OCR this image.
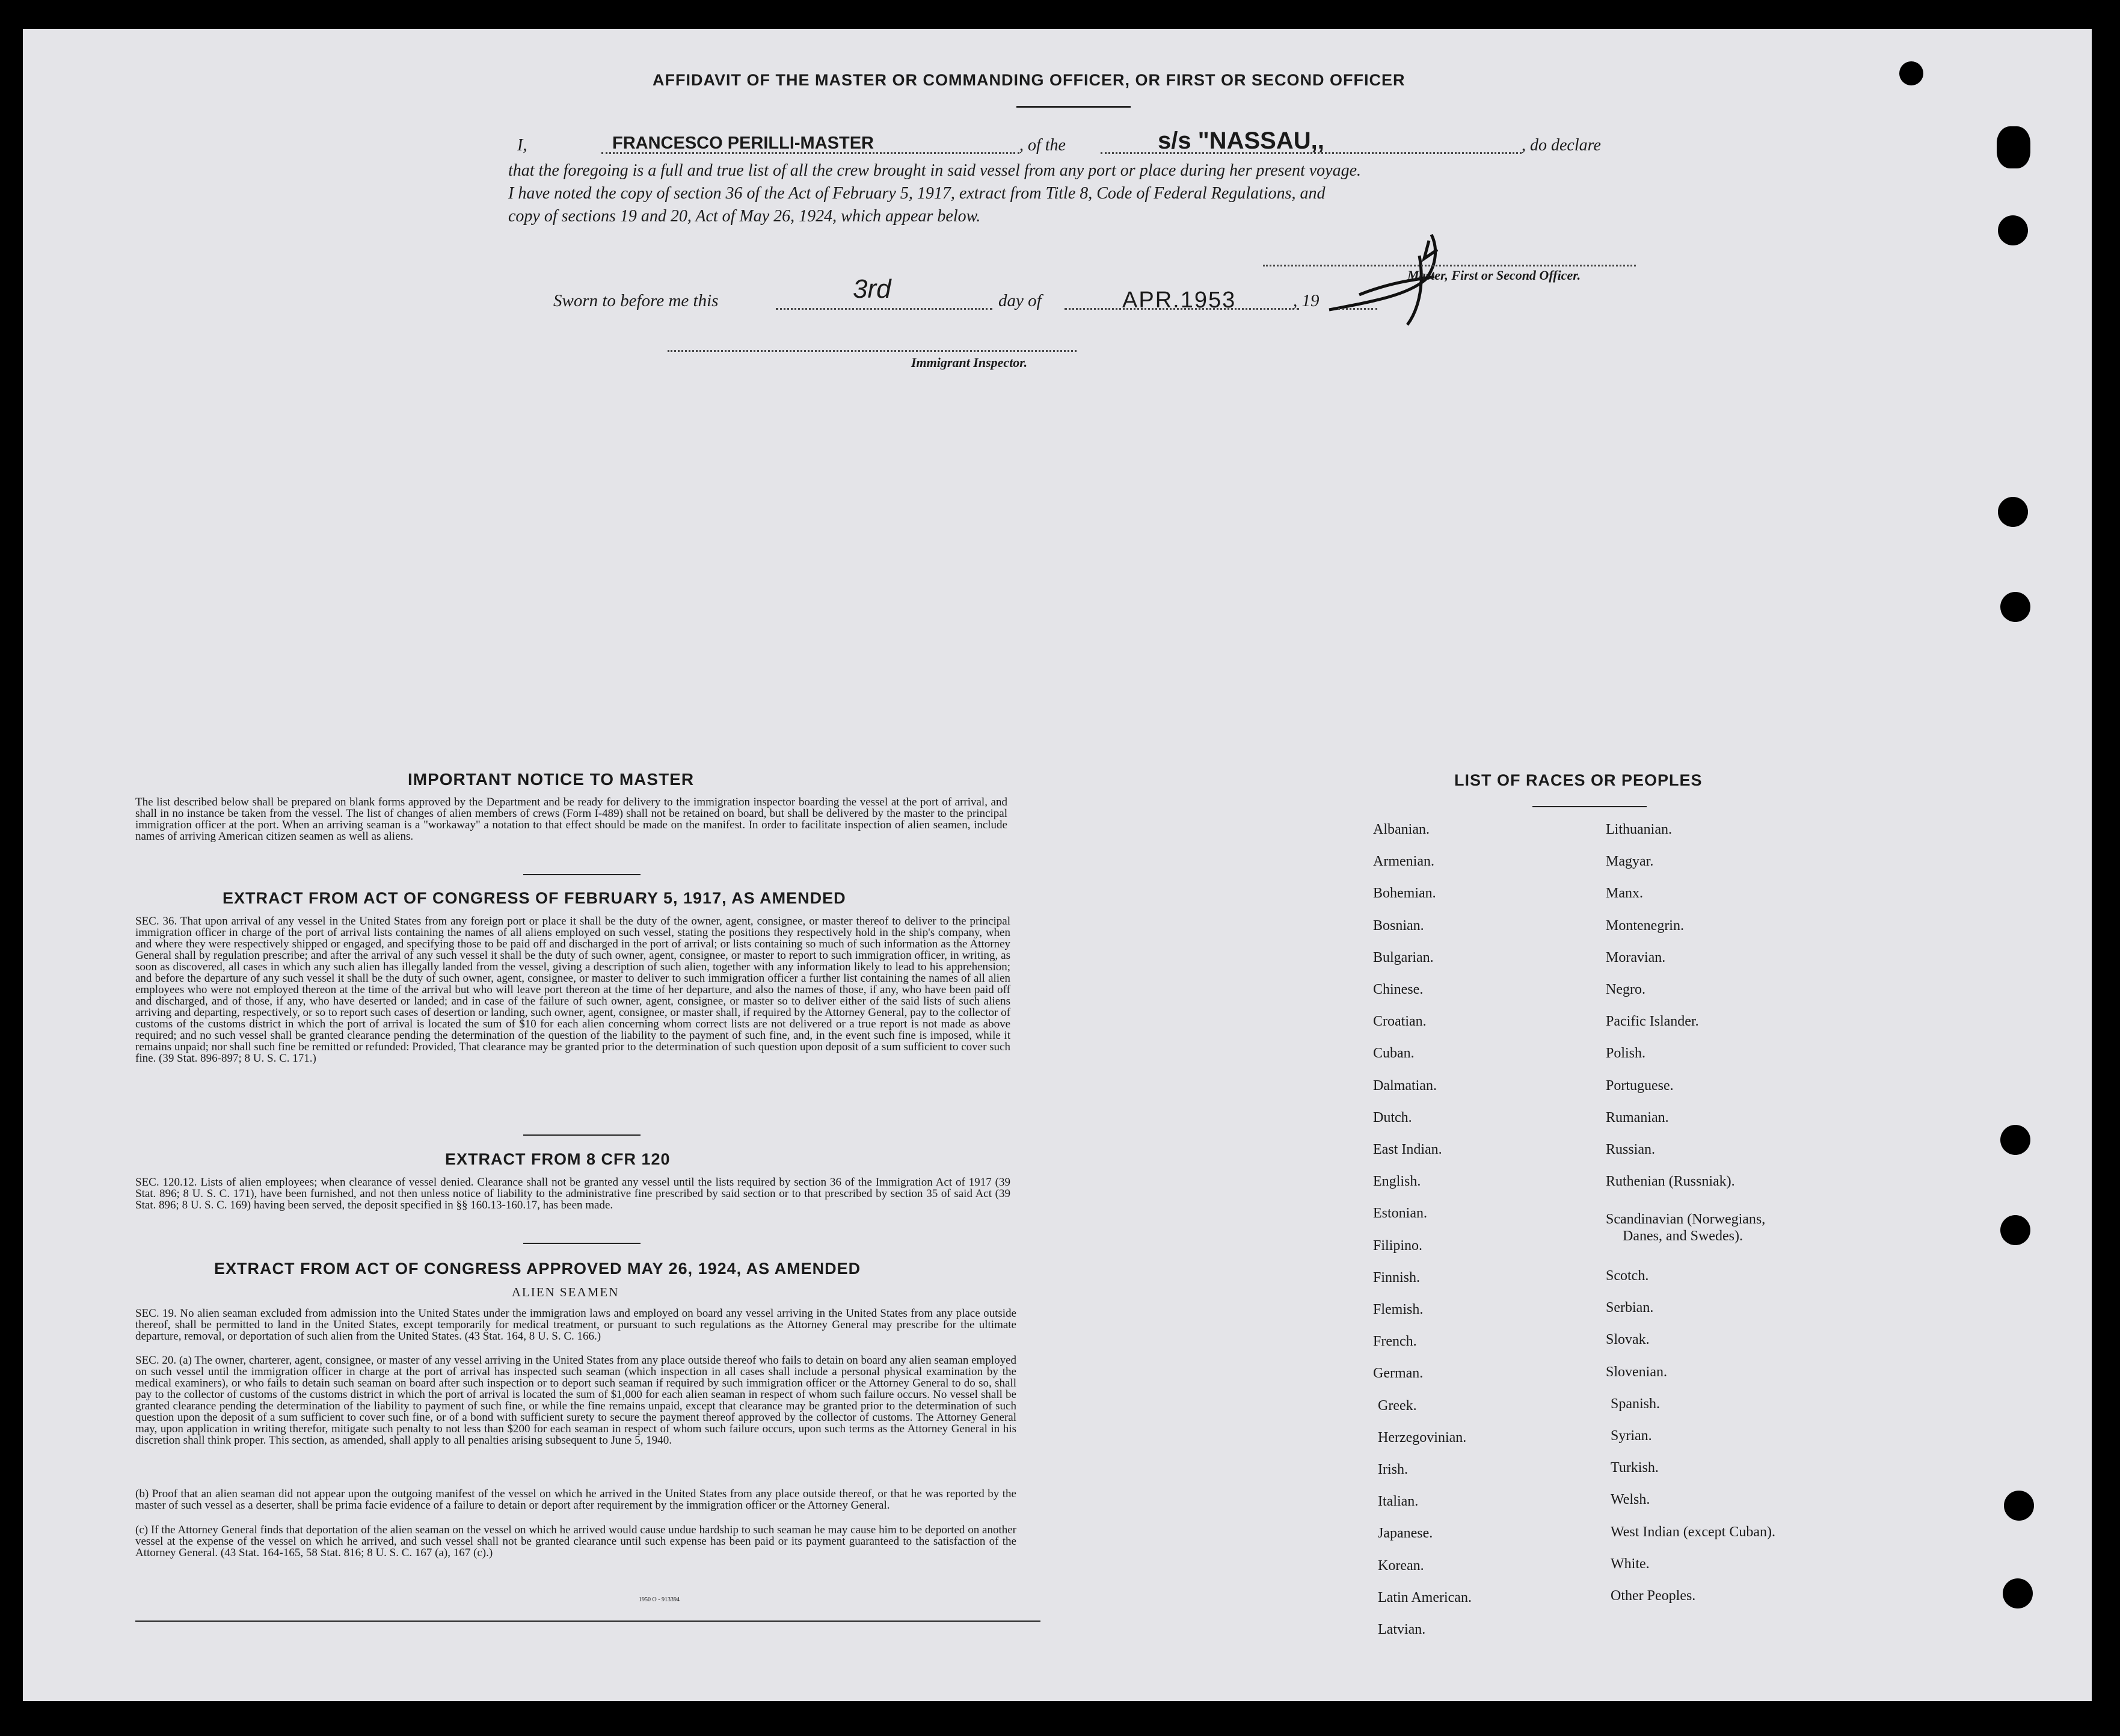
AFFIDAVIT OF THE MASTER OR COMMANDING OFFICER, OR FIRST OR SECOND OFFICER
I,	FRANCESCO PERILLI-MASTER	, of the	s/s "NASSAU,,	, do declare
that the foregoing is a full and true list of all the crew brought in said vessel from any port or place during her present voyage.
I have noted the copy of section 36 of the Act of February 5, 1917, extract from Title 8, Code of Federal Regulations, and
copy of sections 19 and 20, Act of May 26, 1924, which appear below.
Master, First or Second Officer.
Sworn to before me this	3rd	day of	APR.1953	, 19
Immigrant Inspector.
IMPORTANT NOTICE TO MASTER
The list described below shall be prepared on blank forms approved by the Department and be ready for delivery to the immigration inspector boarding the vessel at the port of arrival, and shall in no instance be taken from the vessel. The list of changes of alien members of crews (Form I-489) shall not be retained on board, but shall be delivered by the master to the principal immigration officer at the port. When an arriving seaman is a "workaway" a notation to that effect should be made on the manifest. In order to facilitate inspection of alien seamen, include names of arriving American citizen seamen as well as aliens.
EXTRACT FROM ACT OF CONGRESS OF FEBRUARY 5, 1917, AS AMENDED
SEC. 36. That upon arrival of any vessel in the United States from any foreign port or place it shall be the duty of the owner, agent, consignee, or master thereof to deliver to the principal immigration officer in charge of the port of arrival lists containing the names of all aliens employed on such vessel, stating the positions they respectively hold in the ship's company, when and where they were respectively shipped or engaged, and specifying those to be paid off and discharged in the port of arrival; or lists containing so much of such information as the Attorney General shall by regulation prescribe; and after the arrival of any such vessel it shall be the duty of such owner, agent, consignee, or master to report to such immigration officer, in writing, as soon as discovered, all cases in which any such alien has illegally landed from the vessel, giving a description of such alien, together with any information likely to lead to his apprehension; and before the departure of any such vessel it shall be the duty of such owner, agent, consignee, or master to deliver to such immigration officer a further list containing the names of all alien employees who were not employed thereon at the time of the arrival but who will leave port thereon at the time of her departure, and also the names of those, if any, who have been paid off and discharged, and of those, if any, who have deserted or landed; and in case of the failure of such owner, agent, consignee, or master so to deliver either of the said lists of such aliens arriving and departing, respectively, or so to report such cases of desertion or landing, such owner, agent, consignee, or master shall, if required by the Attorney General, pay to the collector of customs of the customs district in which the port of arrival is located the sum of $10 for each alien concerning whom correct lists are not delivered or a true report is not made as above required; and no such vessel shall be granted clearance pending the determination of the question of the liability to the payment of such fine, and, in the event such fine is imposed, while it remains unpaid; nor shall such fine be remitted or refunded: Provided, That clearance may be granted prior to the determination of such question upon deposit of a sum sufficient to cover such fine. (39 Stat. 896-897; 8 U. S. C. 171.)
EXTRACT FROM 8 CFR 120
SEC. 120.12. Lists of alien employees; when clearance of vessel denied. Clearance shall not be granted any vessel until the lists required by section 36 of the Immigration Act of 1917 (39 Stat. 896; 8 U. S. C. 171), have been furnished, and not then unless notice of liability to the administrative fine prescribed by said section or to that prescribed by section 35 of said Act (39 Stat. 896; 8 U. S. C. 169) having been served, the deposit specified in §§ 160.13-160.17, has been made.
EXTRACT FROM ACT OF CONGRESS APPROVED MAY 26, 1924, AS AMENDED
ALIEN SEAMEN
SEC. 19. No alien seaman excluded from admission into the United States under the immigration laws and employed on board any vessel arriving in the United States from any place outside thereof, shall be permitted to land in the United States, except temporarily for medical treatment, or pursuant to such regulations as the Attorney General may prescribe for the ultimate departure, removal, or deportation of such alien from the United States. (43 Stat. 164, 8 U. S. C. 166.)
SEC. 20. (a) The owner, charterer, agent, consignee, or master of any vessel arriving in the United States from any place outside thereof who fails to detain on board any alien seaman employed on such vessel until the immigration officer in charge at the port of arrival has inspected such seaman (which inspection in all cases shall include a personal physical examination by the medical examiners), or who fails to detain such seaman on board after such inspection or to deport such seaman if required by such immigration officer or the Attorney General to do so, shall pay to the collector of customs of the customs district in which the port of arrival is located the sum of $1,000 for each alien seaman in respect of whom such failure occurs. No vessel shall be granted clearance pending the determination of the liability to payment of such fine, or while the fine remains unpaid, except that clearance may be granted prior to the determination of such question upon the deposit of a sum sufficient to cover such fine, or of a bond with sufficient surety to secure the payment thereof approved by the collector of customs. The Attorney General may, upon application in writing therefor, mitigate such penalty to not less than $200 for each seaman in respect of whom such failure occurs, upon such terms as the Attorney General in his discretion shall think proper. This section, as amended, shall apply to all penalties arising subsequent to June 5, 1940.
(b) Proof that an alien seaman did not appear upon the outgoing manifest of the vessel on which he arrived in the United States from any place outside thereof, or that he was reported by the master of such vessel as a deserter, shall be prima facie evidence of a failure to detain or deport after requirement by the immigration officer or the Attorney General.
(c) If the Attorney General finds that deportation of the alien seaman on the vessel on which he arrived would cause undue hardship to such seaman he may cause him to be deported on another vessel at the expense of the vessel on which he arrived, and such vessel shall not be granted clearance until such expense has been paid or its payment guaranteed to the satisfaction of the Attorney General. (43 Stat. 164-165, 58 Stat. 816; 8 U. S. C. 167 (a), 167 (c).)
1950 O - 913394
LIST OF RACES OR PEOPLES
Albanian.
Armenian.
Bohemian.
Bosnian.
Bulgarian.
Chinese.
Croatian.
Cuban.
Dalmatian.
Dutch.
East Indian.
English.
Estonian.
Filipino.
Finnish.
Flemish.
French.
German.
Greek.
Herzegovinian.
Irish.
Italian.
Japanese.
Korean.
Latin American.
Latvian.
Lithuanian.
Magyar.
Manx.
Montenegrin.
Moravian.
Negro.
Pacific Islander.
Polish.
Portuguese.
Rumanian.
Russian.
Ruthenian (Russniak).
Scandinavian (Norwegians,
Danes, and Swedes).
Scotch.
Serbian.
Slovak.
Slovenian.
Spanish.
Syrian.
Turkish.
Welsh.
West Indian (except Cuban).
White.
Other Peoples.
